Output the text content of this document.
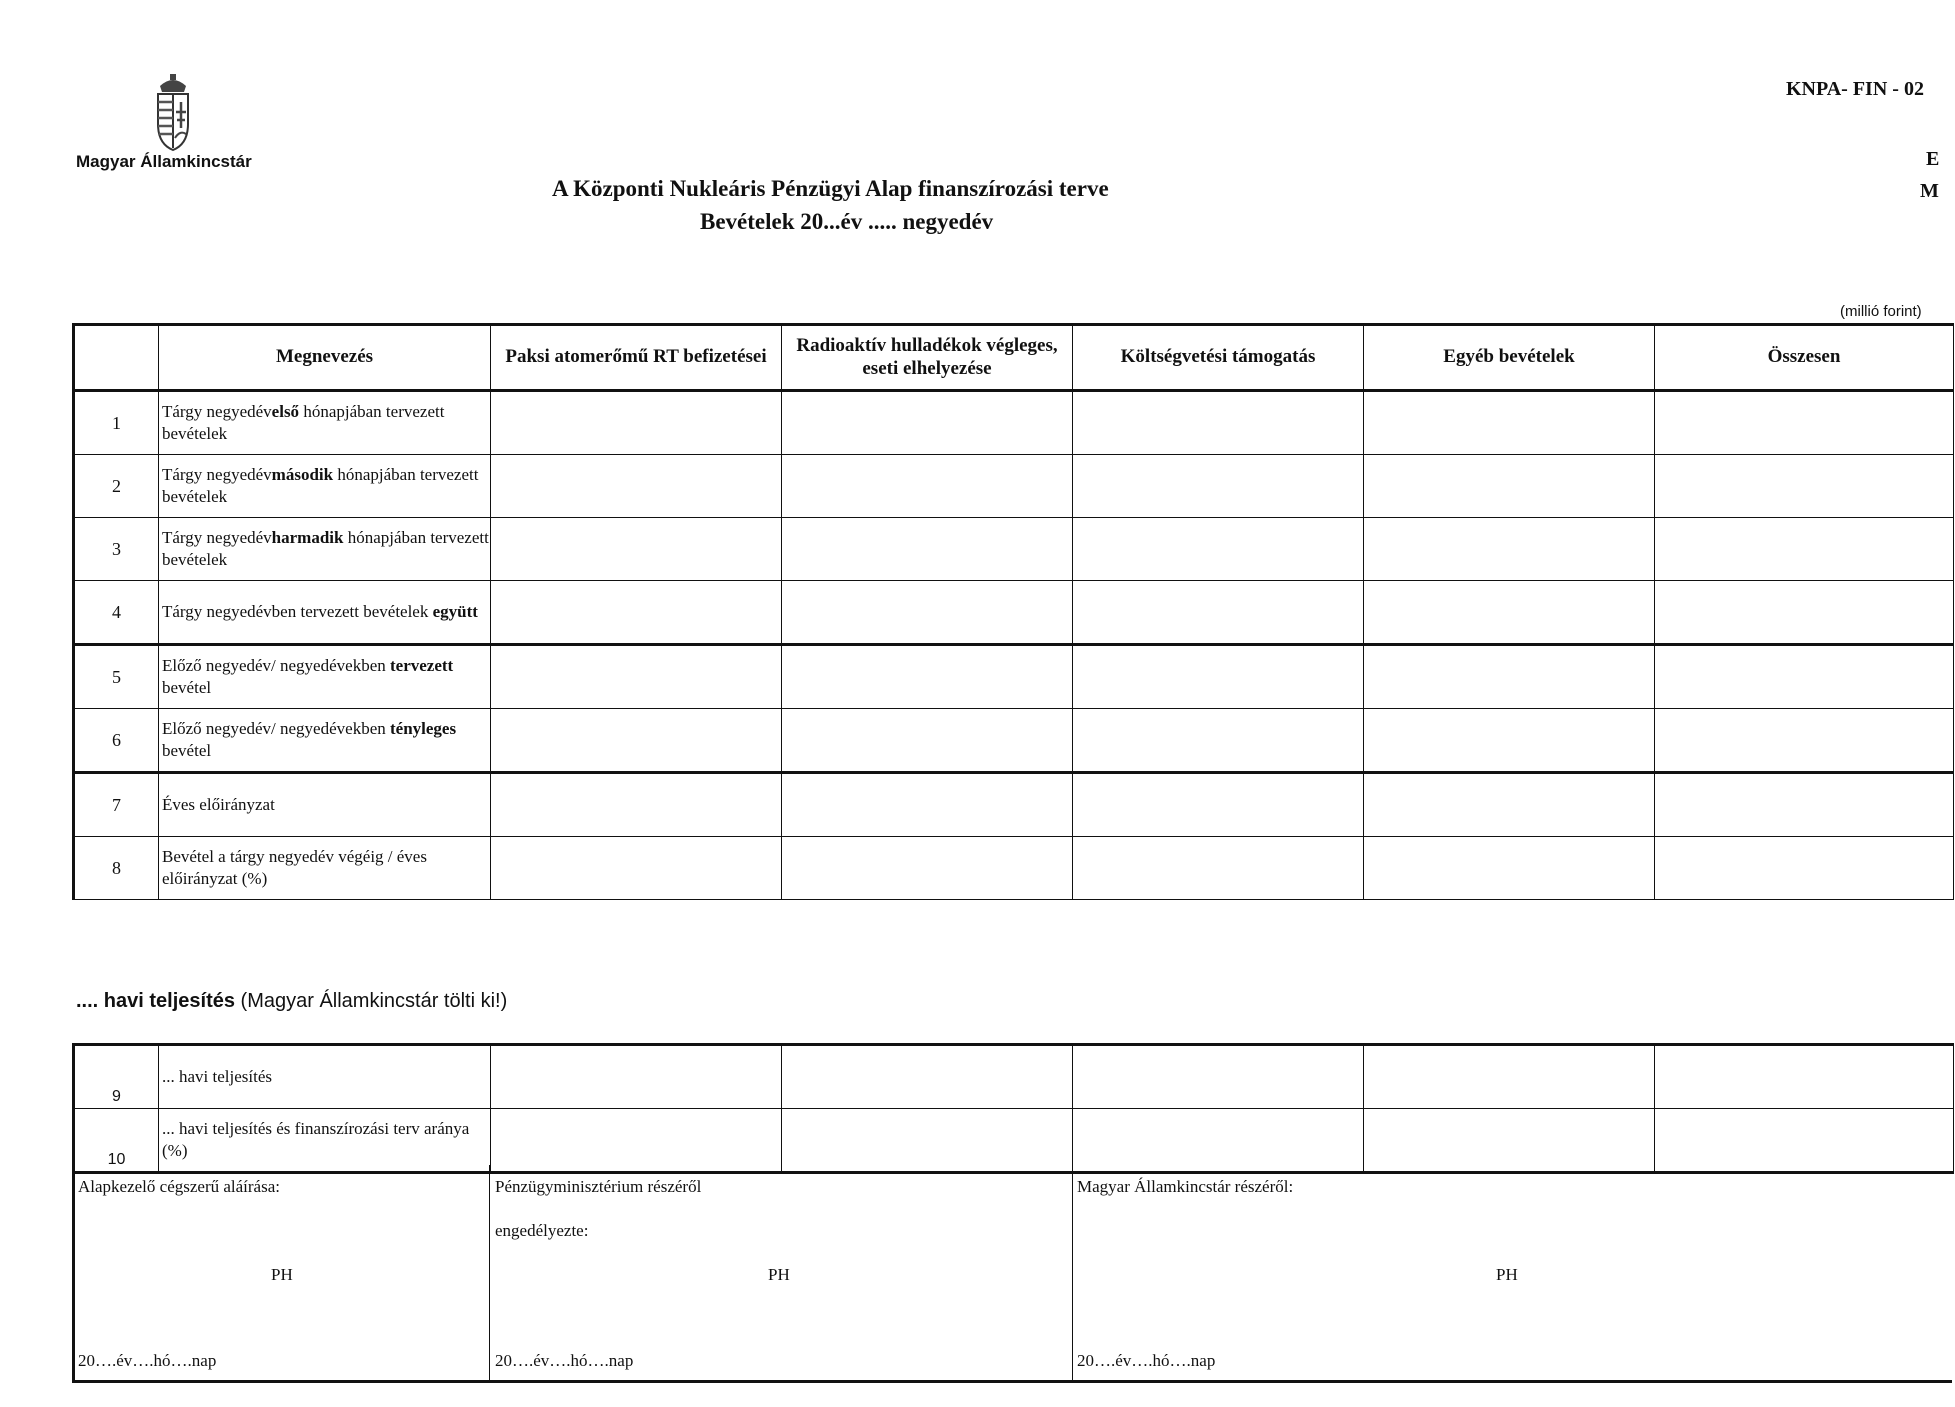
Magyar Államkincstár
KNPA- FIN - 02
E
M
A Központi Nukleáris Pénzügyi Alap finanszírozási terve
Bevételek 20...év ..... negyedév
(millió forint)
	Megnevezés	Paksi atomerőmű RT befizetései	Radioaktív hulladékok végleges, eseti elhelyezése	Költségvetési támogatás	Egyéb bevételek	Összesen
1	Tárgy negyedévelső hónapjában tervezett bevételek					
2	Tárgy negyedévmásodik hónapjában tervezett bevételek					
3	Tárgy negyedévharmadik hónapjában tervezett bevételek					
4	Tárgy negyedévben tervezett bevételek együtt					
5	Előző negyedév/ negyedévekben tervezett bevétel					
6	Előző negyedév/ negyedévekben tényleges bevétel					
7	Éves előirányzat					
8	Bevétel a tárgy negyedév végéig / éves előirányzat (%)					
.... havi teljesítés (Magyar Államkincstár tölti ki!)
9	... havi teljesítés					
10	... havi teljesítés és finanszírozási terv aránya (%)					
Alapkezelő cégszerű aláírása:
PH
20….év….hó….nap
Pénzügyminisztérium részéről
engedélyezte:
PH
20….év….hó….nap
Magyar Államkincstár részéről:
PH
20….év….hó….nap
